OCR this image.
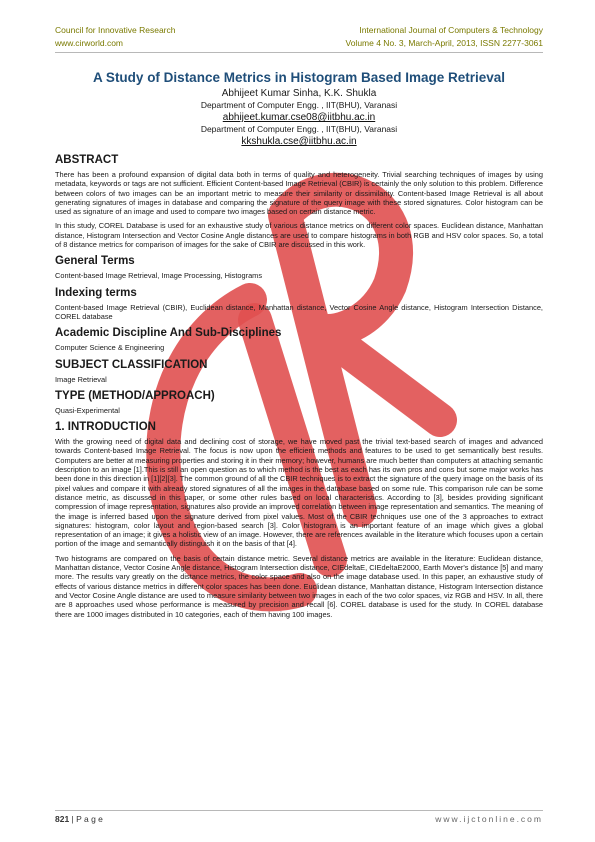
Council for Innovative Research
www.cirworld.com
International Journal of Computers & Technology
Volume 4 No. 3, March-April, 2013, ISSN 2277-3061
A Study of Distance Metrics in Histogram Based Image Retrieval
Abhijeet Kumar Sinha, K.K. Shukla
Department of Computer Engg. , IIT(BHU), Varanasi
abhijeet.kumar.cse08@iitbhu.ac.in
Department of Computer Engg. , IIT(BHU), Varanasi
kkshukla.cse@iitbhu.ac.in
ABSTRACT

There has been a profound expansion of digital data both in terms of quality and heterogeneity. Trivial searching techniques of images by using metadata, keywords or tags are not sufficient. Efficient Content-based Image Retrieval (CBIR) is certainly the only solution to this problem. Difference between colors of two images can be an important metric to measure their similarity or dissimilarity. Content-based Image Retrieval is all about generating signatures of images in database and comparing the signature of the query image with these stored signatures. Color histogram can be used as signature of an image and used to compare two images based on certain distance metric.

In this study, COREL Database is used for an exhaustive study of various distance metrics on different color spaces. Euclidean distance, Manhattan distance, Histogram Intersection and Vector Cosine Angle distances are used to compare histograms in both RGB and HSV color spaces. So, a total of 8 distance metrics for comparison of images for the sake of CBIR are discussed in this work.

General Terms

Content-based Image Retrieval, Image Processing, Histograms

Indexing terms

Content-based Image Retrieval (CBIR), Euclidean distance, Manhattan distance, Vector Cosine Angle distance, Histogram Intersection Distance, COREL database

Academic Discipline And Sub-Disciplines

Computer Science & Engineering

SUBJECT CLASSIFICATION

Image Retrieval

TYPE (METHOD/APPROACH)

Quasi-Experimental

1. INTRODUCTION

With the growing need of digital data and declining cost of storage, we have moved past the trivial text-based search of images and advanced towards Content-based Image Retrieval. The focus is now upon the efficient methods and features to be used to get semantically best results. Computers are better at measuring properties and storing it in their memory; however, humans are much better than computers at attaching semantic description to an image [1].This is still an open question as to which method is the best as each has its own pros and cons but some major works has been done in this direction in [1][2][3]. The common ground of all the CBIR techniques is to extract the signature of the query image on the basis of its pixel values and compare it with already stored signatures of all the images in the database based on some rule. This comparison rule can be some distance metric, as discussed in this paper, or some other rules based on local characteristics. According to [3], besides providing significant compression of image representation, signatures also provide an improved correlation between image representation and semantics. The meaning of the image is inferred based upon the signature derived from pixel values. Most of the CBIR techniques use one of the 3 approaches to extract signatures: histogram, color layout and region-based search [3]. Color histogram is an important feature of an image which gives a global representation of an image; it gives a holistic view of an image. However, there are references available in the literature which focuses upon a certain portion of the image and semantically distinguish it on the basis of that [4].

Two histograms are compared on the basis of certain distance metric. Several distance metrics are available in the literature: Euclidean distance, Manhattan distance, Vector Cosine Angle distance, Histogram Intersection distance, CIEdeltaE, CIEdeltaE2000, Earth Mover's distance [5] and many more. The results vary greatly on the distance metrics, the color space and also on the image database used. In this paper, an exhaustive study of effects of various distance metrics in different color spaces has been done. Euclidean distance, Manhattan distance, Histogram Intersection distance and Vector Cosine Angle distance are used to measure similarity between two images in each of the two color spaces, viz RGB and HSV. In all, there are 8 approaches used whose performance is measured by precision and recall [6]. COREL database is used for the study. In COREL database there are 1000 images distributed in 10 categories, each of them having 100 images.

821 | P a g e	www.ijctonline.com
